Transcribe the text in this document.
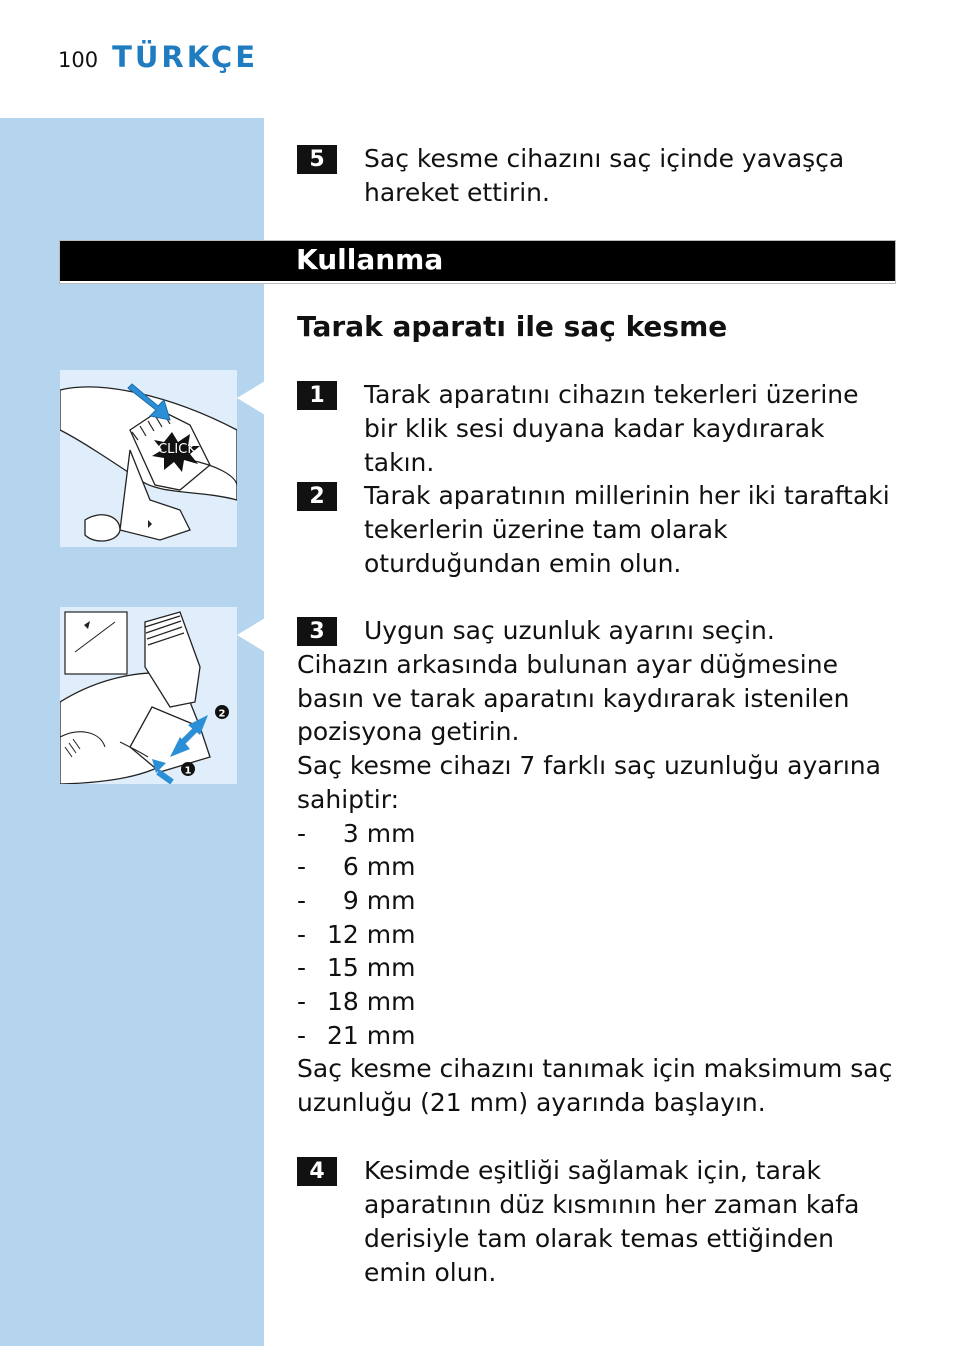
100 TÜRKÇE
5	Saç kesme cihazını saç içinde yavaşça hareket ettirin.
Kullanma
Tarak aparatı ile saç kesme
CLICK
2
1
1	Tarak aparatını cihazın tekerleri üzerine bir klik sesi duyana kadar kaydırarak takın.
2	Tarak aparatının millerinin her iki taraftaki tekerlerin üzerine tam olarak oturduğundan emin olun.
3	Uygun saç uzunluk ayarını seçin.

Cihazın arkasında bulunan ayar düğmesine basın ve tarak aparatını kaydırarak istenilen pozisyona getirin.

Saç kesme cihazı 7 farklı saç uzunluğu ayarına sahiptir:

- 3 mm
- 6 mm
- 9 mm
- 12 mm
- 15 mm
- 18 mm
- 21 mm

Saç kesme cihazını tanımak için maksimum saç uzunluğu (21 mm) ayarında başlayın.

4	Kesimde eşitliği sağlamak için, tarak aparatının düz kısmının her zaman kafa derisiyle tam olarak temas ettiğinden emin olun.
